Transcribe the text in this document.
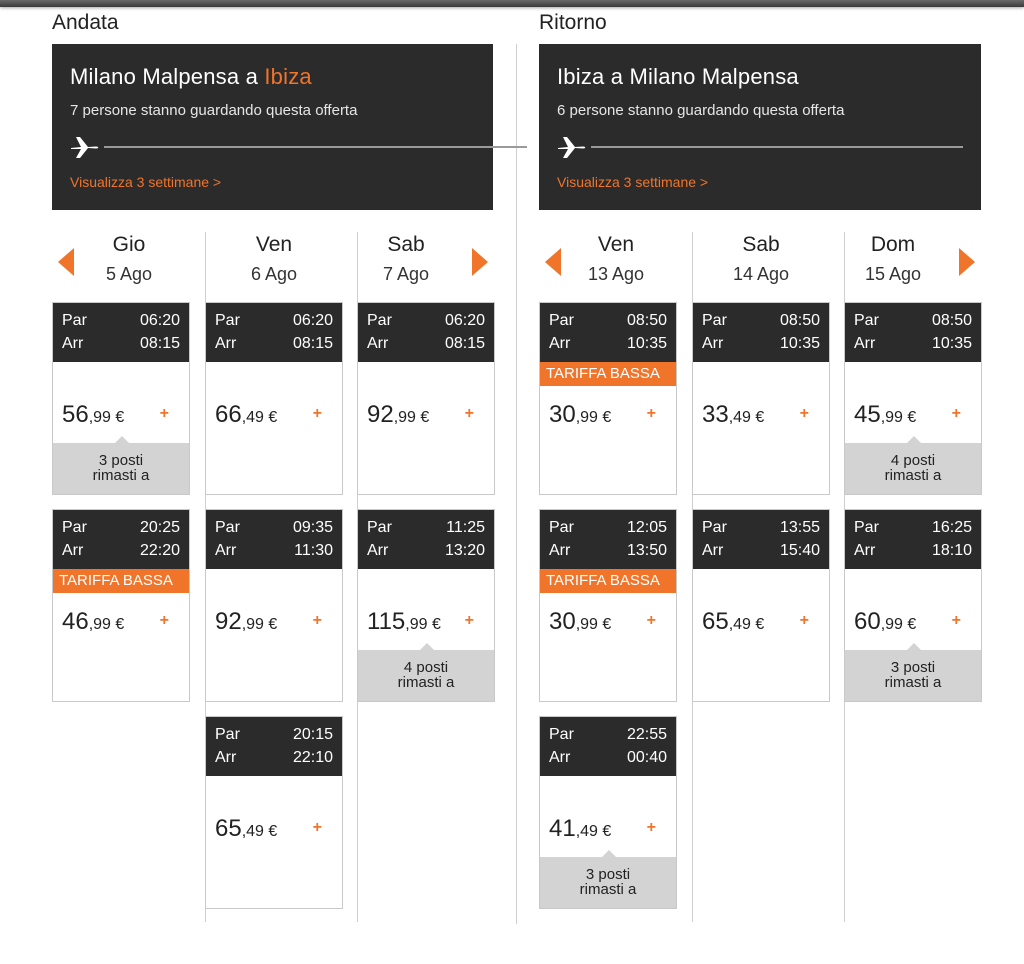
Andata
Milano Malpensa a Ibiza
7 persone stanno guardando questa offerta
Visualizza 3 settimane >
Gio
5 Ago
Par	06:20
Arr	08:15
56,99 € +
3 posti
rimasti a
Par	20:25
Arr	22:20
TARIFFA BASSA
46,99 € +
Ven
6 Ago
Par	06:20
Arr	08:15
66,49 € +
Par	09:35
Arr	11:30
92,99 € +
Par	20:15
Arr	22:10
65,49 € +
Sab
7 Ago
Par	06:20
Arr	08:15
92,99 € +
Par	11:25
Arr	13:20
115,99 € +
4 posti
rimasti a
Ritorno
Ibiza a Milano Malpensa
6 persone stanno guardando questa offerta
Visualizza 3 settimane >
Ven
13 Ago
Par	08:50
Arr	10:35
TARIFFA BASSA
30,99 € +
Par	12:05
Arr	13:50
TARIFFA BASSA
30,99 € +
Par	22:55
Arr	00:40
41,49 € +
3 posti
rimasti a
Sab
14 Ago
Par	08:50
Arr	10:35
33,49 € +
Par	13:55
Arr	15:40
65,49 € +
Dom
15 Ago
Par	08:50
Arr	10:35
45,99 € +
4 posti
rimasti a
Par	16:25
Arr	18:10
60,99 € +
3 posti
rimasti a
